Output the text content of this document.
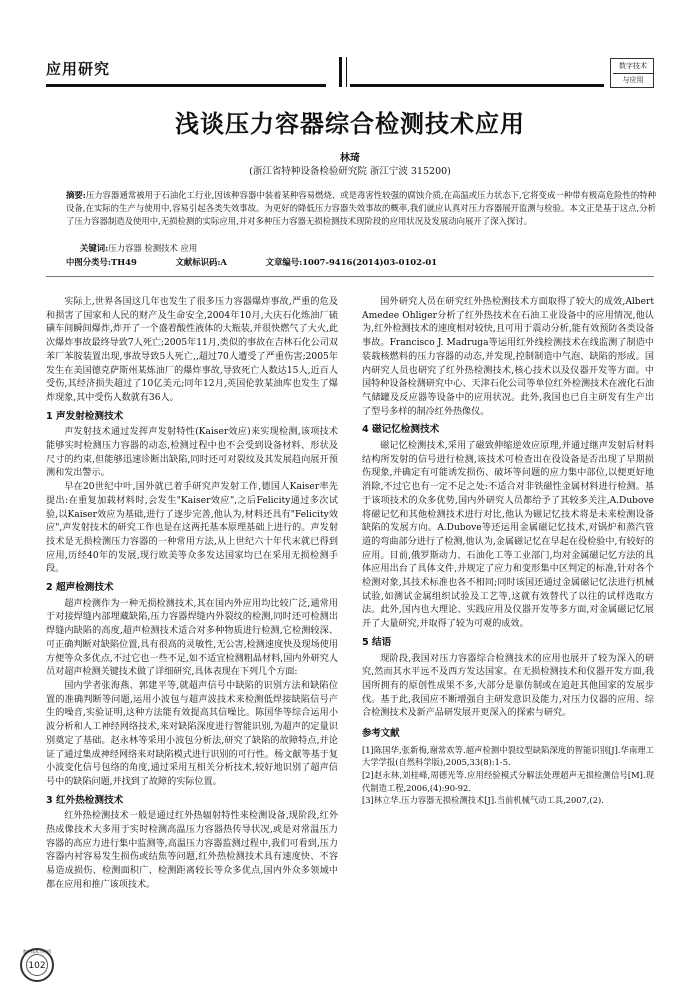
应用研究	数字技术
与应用
浅谈压力容器综合检测技术应用
林琦
(浙江省特种设备检验研究院 浙江宁波 315200)
摘要:压力容器通常被用于石油化工行业,因该种容器中装着某种容易燃烧、或是毒害性较强的腐蚀介质,在高温或压力状态下,它将变成一种带有极高危险性的特种设备,在实际的生产与使用中,容易引起各类失效事故。为更好的降低压力容器失效事故的概率,我们就应认真对压力容器展开监测与检验。本文正是基于这点,分析了压力容器制造及使用中,无损检测的实际应用,并对多种压力容器无损检测技术现阶段的应用状况及发展动向展开了深入探讨。
关键词:压力容器 检测技术 应用
中图分类号:TH49	文献标识码:A	文章编号:1007-9416(2014)03-0102-01

实际上,世界各国这几年也发生了很多压力容器爆炸事故,严重的危及和损害了国家和人民的财产及生命安全,2004年10月,大庆石化炼油厂硫磺车间瞬间爆炸,炸开了一个盛着酸性液体的大瓶装,并很快燃气了大火,此次爆炸事故最终导致7人死亡;2005年11月,类似的事故在吉林石化公司双苯厂苯胺装置出现,事故导致5人死亡,,超过70人遭受了严重伤害;2005年发生在美国德克萨斯州某炼油厂的爆炸事故,导致死亡人数达15人,近百人受伤,其经济损失超过了10亿美元;同年12月,英国伦敦某油库也发生了爆炸现象,其中受伤人数就有36人。

1 声发射检测技术

声发射技术通过发挥声发射特性(Kaiser效应)来实现检测,该项技术能够实时检测压力容器的动态,检测过程中也不会受到设备材料、形状及尺寸的约束,但能够迅速诊断出缺陷,同时还可对裂纹及其发展趋向展开预测和发出警示。

早在20世纪中叶,国外就已着手研究声发射工作,德国人Kaiser率先提出:在重复加载材料时,会发生"Kaiser效应",之后Felicity通过多次试验,以Kaiser效应为基础,进行了逐步完善,他认为,材料还具有"Felicity效应",声发射技术的研究工作也是在这两托基本原理基础上进行的。声发射技术是无损检测压力容器的一种常用方法,从上世纪六十年代末就已得到应用,历经40年的发展,现行欧美等众多发达国家均已在采用无损检测手段。

2 超声检测技术

超声检测作为一种无损检测技术,其在国内外应用均比较广泛,通常用于对接焊缝内部埋藏缺陷,压力容器焊缝内外裂纹的检测,同时还可检测出焊缝内缺陷的高度,超声检测技术适合对多种物质进行检测,它检测较深、可正确判断对缺陷位置,具有很高的灵敏性,无公害,检测速度快及现场使用方便等众多优点,不过它也一些不足,如不适宜检测粗晶材料,国内外研究人员对超声检测关键技术做了详细研究,具体表现在下列几个方面:

国内学者张海燕、郭建平等,就超声信号中缺陷的识别方法和缺陷位置的准确判断等问题,运用小波包与超声波技术来检测低焊接缺陷信号产生的噪音,实验证明,这种方法能有效提高其信噪比。陈国华等综合运用小波分析和人工神经网络技术,来对缺陷深度进行智能识别,为超声的定量识别奠定了基础。赵永林等采用小波包分析法,研究了缺陷的故障特点,并论证了通过集成神经网络来对缺陷模式进行识别的可行性。杨文献等基于复小波变化信号包络的角度,通过采用互相关分析技术,较好地识别了超声信号中的缺陷问题,并找到了故障的实际位置。

3 红外热检测技术

红外热检测技术一般是通过红外热辐射特性来检测设备,现阶段,红外热成像技术大多用于实时检测高温压力容器热传导状况,或是对常温压力容器的高应力进行集中监测等,高温压力容器监测过程中,我们可看到,压力容器内衬容易发生损伤或结焦等问题,红外热检测技术具有速度快、不容易造成损伤、检测面积广、检测距离较长等众多优点,国内外众多领域中都在应用和推广该项技术。

国外研究人员在研究红外热检测技术方面取得了较大的成效,Albert Amedee Ohliger分析了红外热技术在石油工业设备中的应用情况,他认为,红外检测技术的速度相对较快,且可用于震动分析,能有效预防各类设备事故。Francisco J. Madruga等运用红外线检测技术在线监测了制造中装载核燃料的压力容器的动态,并发现,控制制造中气泡、缺陷的形成。国内研究人员也研究了红外热检测技术,核心技术以及仪器开发等方面。中国特种设备检测研究中心、天津石化公司等单位红外检测技术在液化石油气储罐及反应器等设备中的应用状况。此外,我国也已自主研发有生产出了型号多样的制冷红外热像仪。

4 磁记忆检测技术

磁记忆检测技术,采用了磁致伸缩逆效应原理,并通过继声发射后材料结构所发射的信号进行检测,该技术可检查出在役设备是否出现了早期损伤现象,并确定有可能诱发损伤、破坏等问题的应力集中部位,以便更好地消除,不过它也有一定不足之处:不适合对非铁磁性金属材料进行检测。基于该项技术的众多优势,国内外研究人员都给予了其较多关注,A.Dubove将磁记忆和其他检测技术进行对比,他认为磁记忆技术将是未来检测设备缺陷的发展方向。A.Dubove等还运用金属磁记忆技术,对锅炉和蒸汽管道的弯曲部分进行了检测,他认为,金属磁记忆在早起在役检验中,有较好的应用。目前,俄罗斯动力、石油化工等工业部门,均对金属磁记忆方法的具体应用出台了具体文件,并规定了应力和变形集中区判定的标准,针对各个检测对象,其技术标准也各不相同;同时该国还通过金属磁记忆法进行机械试验,如测试金属组织试验及工艺等,这就有效替代了以往的试样选取方法。此外,国内也大理论、实践应用及仪器开发等多方面,对金属磁记忆展开了大量研究,并取得了较为可观的成效。

5 结语

现阶段,我国对压力容器综合检测技术的应用也展开了较为深入的研究,然而其水平远不及西方发达国家。在无损检测技术和仪器开发方面,我国所拥有的原创性成果不多,大部分是靠仿制或在追赶其他国家的发展步伐。基于此,我国应不断增强自主研发意识及能力,对压力仪器的应用、综合检测技术及新产品研发展开更深入的探索与研究。

参考文献

[1]陈国华,张新梅,谢常欢等.超声检测中裂纹型缺陷深度的智能识别[J].华南理工大学学报(自然科学版),2005,33(8):1-5.

[2]赵永林,刘桂峰,周德光等.应用经验模式分解法处理超声无损检测信号[M].现代制造工程,2006,(4):90-92.

[3]林立华.压力容器无损检测技术[J].当前机械气动工具,2007,(2).

数字技术与应用
102
